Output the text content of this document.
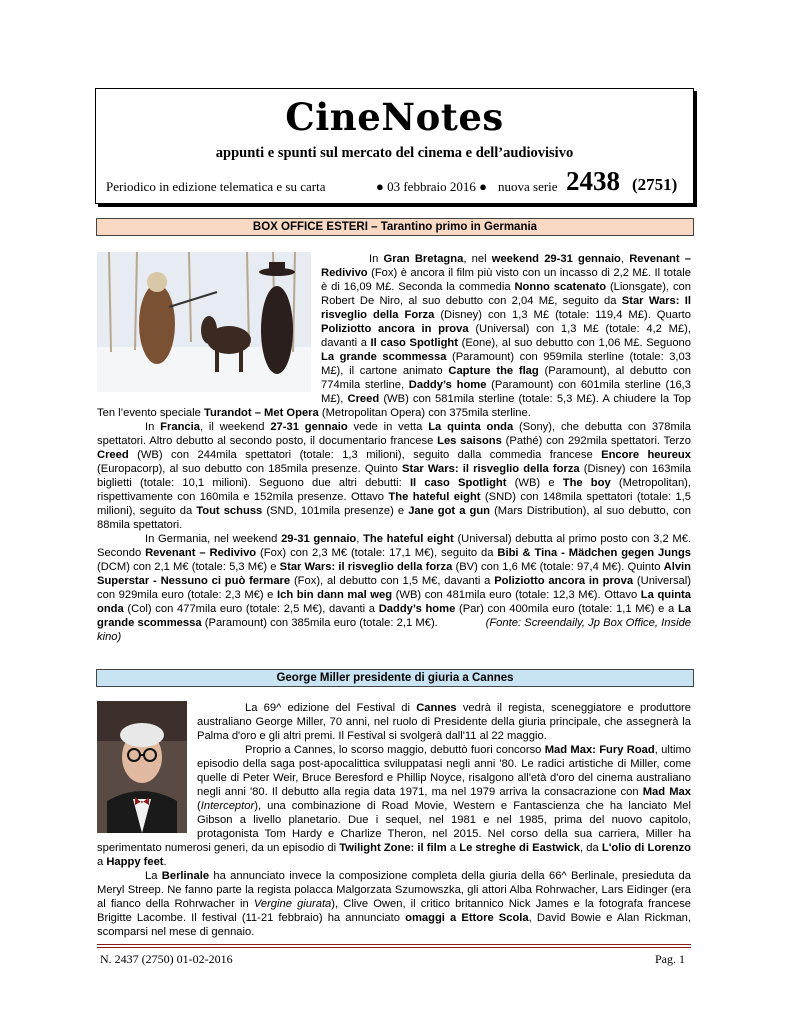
CineNotes
appunti e spunti sul mercato del cinema e dell’audiovisivo
Periodico in edizione telematica e su carta	● 03 febbraio 2016 ● nuova serie 2438 (2751)
BOX OFFICE ESTERI – Tarantino primo in Germania

In Gran Bretagna, nel weekend 29-31 gennaio, Revenant – Redivivo (Fox) è ancora il film più visto con un incasso di 2,2 M£. Il totale è di 16,09 M£. Seconda la commedia Nonno scatenato (Lionsgate), con Robert De Niro, al suo debutto con 2,04 M£, seguito da Star Wars: Il risveglio della Forza (Disney) con 1,3 M£ (totale: 119,4 M£). Quarto Poliziotto ancora in prova (Universal) con 1,3 M£ (totale: 4,2 M£), davanti a Il caso Spotlight (Eone), al suo debutto con 1,06 M£. Seguono La grande scommessa (Paramount) con 959mila sterline (totale: 3,03 M£), il cartone animato Capture the flag (Paramount), al debutto con 774mila sterline, Daddy’s home (Paramount) con 601mila sterline (16,3 M£), Creed (WB) con 581mila sterline (totale: 5,3 M£). A chiudere la Top Ten l’evento speciale Turandot – Met Opera (Metropolitan Opera) con 375mila sterline.

In Francia, il weekend 27-31 gennaio vede in vetta La quinta onda (Sony), che debutta con 378mila spettatori. Altro debutto al secondo posto, il documentario francese Les saisons (Pathé) con 292mila spettatori. Terzo Creed (WB) con 244mila spettatori (totale: 1,3 milioni), seguito dalla commedia francese Encore heureux (Europacorp), al suo debutto con 185mila presenze. Quinto Star Wars: il risveglio della forza (Disney) con 163mila biglietti (totale: 10,1 milioni). Seguono due altri debutti: Il caso Spotlight (WB) e The boy (Metropolitan), rispettivamente con 160mila e 152mila presenze. Ottavo The hateful eight (SND) con 148mila spettatori (totale: 1,5 milioni), seguito da Tout schuss (SND, 101mila presenze) e Jane got a gun (Mars Distribution), al suo debutto, con 88mila spettatori.

In Germania, nel weekend 29-31 gennaio, The hateful eight (Universal) debutta al primo posto con 3,2 M€. Secondo Revenant – Redivivo (Fox) con 2,3 M€ (totale: 17,1 M€), seguito da Bibi & Tina - Mädchen gegen Jungs (DCM) con 2,1 M€ (totale: 5,3 M€) e Star Wars: il risveglio della forza (BV) con 1,6 M€ (totale: 97,4 M€). Quinto Alvin Superstar - Nessuno ci può fermare (Fox), al debutto con 1,5 M€, davanti a Poliziotto ancora in prova (Universal) con 929mila euro (totale: 2,3 M€) e Ich bin dann mal weg (WB) con 481mila euro (totale: 12,3 M€). Ottavo La quinta onda (Col) con 477mila euro (totale: 2,5 M€), davanti a Daddy’s home (Par) con 400mila euro (totale: 1,1 M€) e a La grande scommessa (Paramount) con 385mila euro (totale: 2,1 M€).               (Fonte: Screendaily, Jp Box Office, Inside kino)

George Miller presidente di giuria a Cannes

La 69^ edizione del Festival di Cannes vedrà il regista, sceneggiatore e produttore australiano George Miller, 70 anni, nel ruolo di Presidente della giuria principale, che assegnerà la Palma d'oro e gli altri premi. Il Festival si svolgerà dall'11 al 22 maggio.

Proprio a Cannes, lo scorso maggio, debuttò fuori concorso Mad Max: Fury Road, ultimo episodio della saga post-apocalittica sviluppatasi negli anni '80. Le radici artistiche di Miller, come quelle di Peter Weir, Bruce Beresford e Phillip Noyce, risalgono all'età d'oro del cinema australiano negli anni '80. Il debutto alla regia data 1971, ma nel 1979 arriva la consacrazione con Mad Max (Interceptor), una combinazione di Road Movie, Western e Fantascienza che ha lanciato Mel Gibson a livello planetario. Due i sequel, nel 1981 e nel 1985, prima del nuovo capitolo, protagonista Tom Hardy e Charlize Theron, nel 2015. Nel corso della sua carriera, Miller ha sperimentato numerosi generi, da un episodio di Twilight Zone: il film a Le streghe di Eastwick, da L'olio di Lorenzo a Happy feet.

La Berlinale ha annunciato invece la composizione completa della giuria della 66^ Berlinale, presieduta da Meryl Streep. Ne fanno parte la regista polacca Malgorzata Szumowszka, gli attori Alba Rohrwacher, Lars Eidinger (era al fianco della Rohrwacher in Vergine giurata), Clive Owen, il critico britannico Nick James e la fotografa francese Brigitte Lacombe. Il festival (11-21 febbraio) ha annunciato omaggi a Ettore Scola, David Bowie e Alan Rickman, scomparsi nel mese di gennaio.

N. 2437 (2750) 01-02-2016	Pag. 1
